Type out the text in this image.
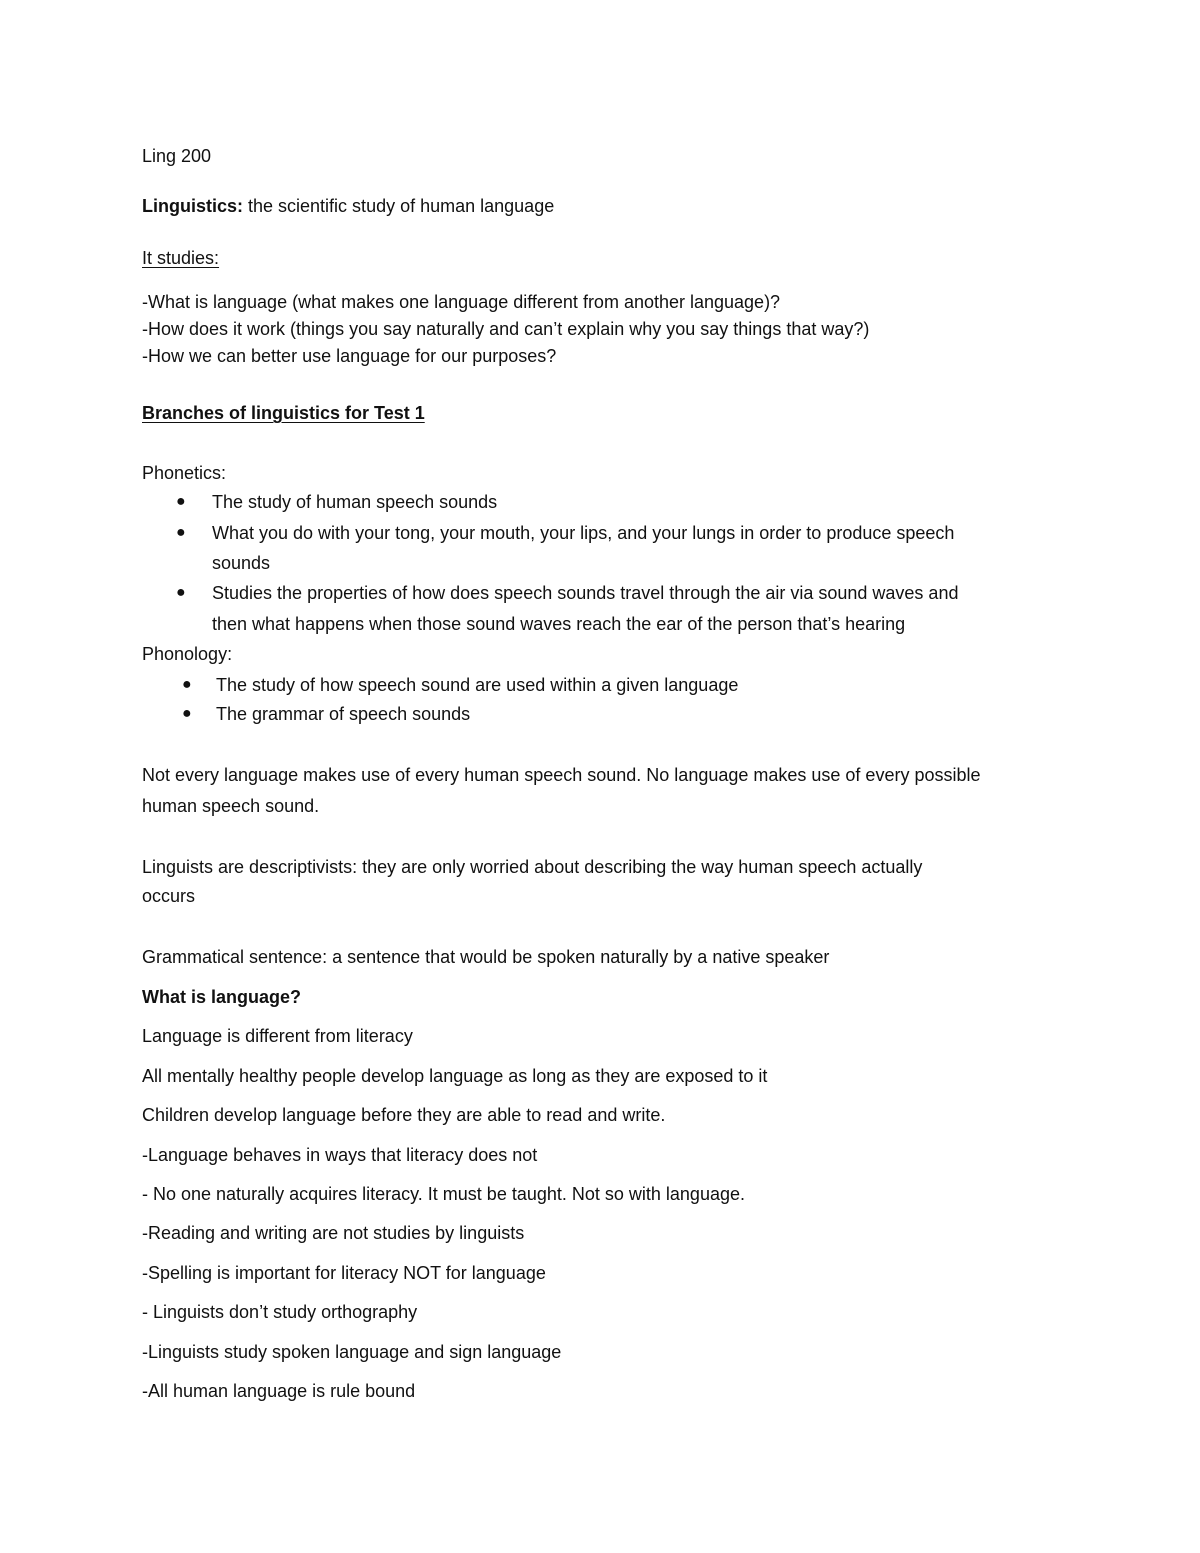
Ling 200
Linguistics: the scientific study of human language
It studies:
-What is language (what makes one language different from another language)?
-How does it work (things you say naturally and can’t explain why you say things that way?)
-How we can better use language for our purposes?
Branches of linguistics for Test 1
Phonetics:
● The study of human speech sounds
● What you do with your tong, your mouth, your lips, and your lungs in order to produce speech
sounds
● Studies the properties of how does speech sounds travel through the air via sound waves and
then what happens when those sound waves reach the ear of the person that’s hearing
Phonology:
● The study of how speech sound are used within a given language
● The grammar of speech sounds
Not every language makes use of every human speech sound. No language makes use of every possible
human speech sound.
Linguists are descriptivists: they are only worried about describing the way human speech actually
occurs
Grammatical sentence: a sentence that would be spoken naturally by a native speaker
What is language?
Language is different from literacy
All mentally healthy people develop language as long as they are exposed to it
Children develop language before they are able to read and write.
-Language behaves in ways that literacy does not
- No one naturally acquires literacy. It must be taught. Not so with language.
-Reading and writing are not studies by linguists
-Spelling is important for literacy NOT for language
- Linguists don’t study orthography
-Linguists study spoken language and sign language
-All human language is rule bound
